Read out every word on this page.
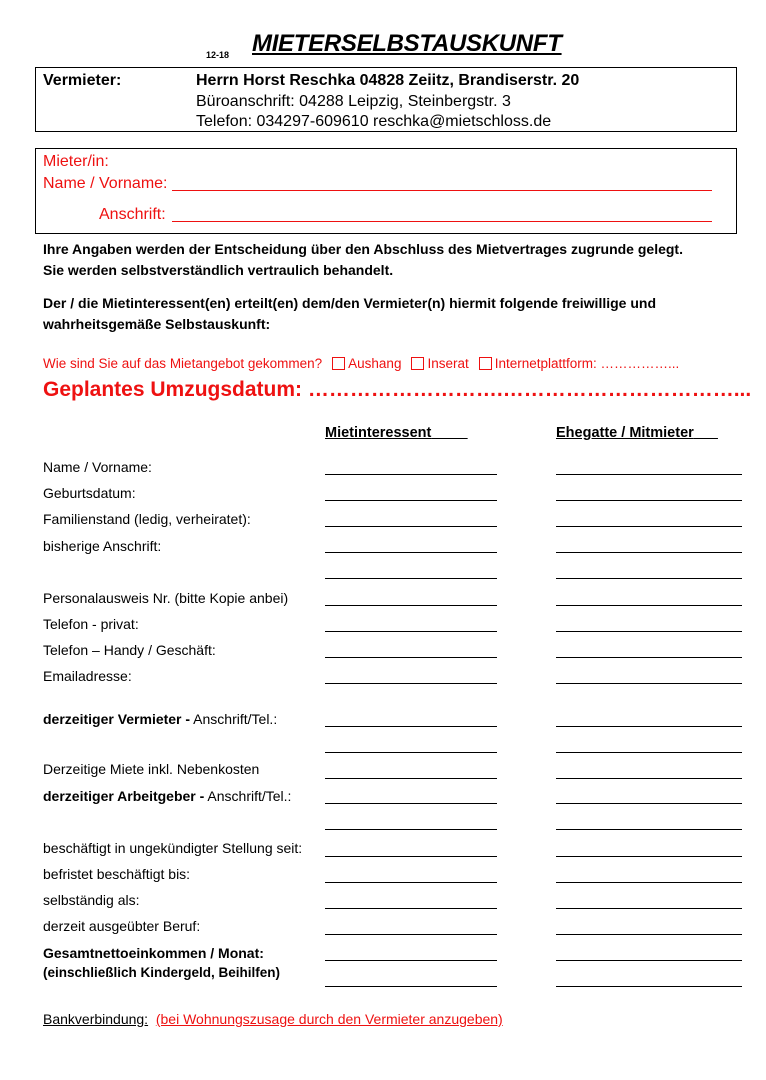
12-18 MIETERSELBSTAUSKUNFT
Vermieter:	Herrn Horst Reschka 04828 Zeiitz, Brandiserstr. 20
Büroanschrift: 04288 Leipzig, Steinbergstr. 3
Telefon: 034297-609610 reschka@mietschloss.de
Mieter/in:
Name / Vorname:
Anschrift:
Ihre Angaben werden der Entscheidung über den Abschluss des Mietvertrages zugrunde gelegt.
Sie werden selbstverständlich vertraulich behandelt.
Der / die Mietinteressent(en) erteilt(en) dem/den Vermieter(n) hiermit folgende freiwillige und
wahrheitsgemäße Selbstauskunft:
Wie sind Sie auf das Mietangebot gekommen? Aushang Inserat Internetplattform: ……………...
Geplantes Umzugsdatum: ……………………….……………………………...
Mietinteressent	Ehegatte / Mitmieter
Name / Vorname:
Geburtsdatum:
Familienstand (ledig, verheiratet):
bisherige Anschrift:
Personalausweis Nr. (bitte Kopie anbei)
Telefon - privat:
Telefon – Handy / Geschäft:
Emailadresse:
derzeitiger Vermieter - Anschrift/Tel.:
Derzeitige Miete inkl. Nebenkosten
derzeitiger Arbeitgeber - Anschrift/Tel.:
beschäftigt in ungekündigter Stellung seit:
befristet beschäftigt bis:
selbständig als:
derzeit ausgeübter Beruf:
Gesamtnettoeinkommen / Monat:
(einschließlich Kindergeld, Beihilfen)
Bankverbindung: (bei Wohnungszusage durch den Vermieter anzugeben)
